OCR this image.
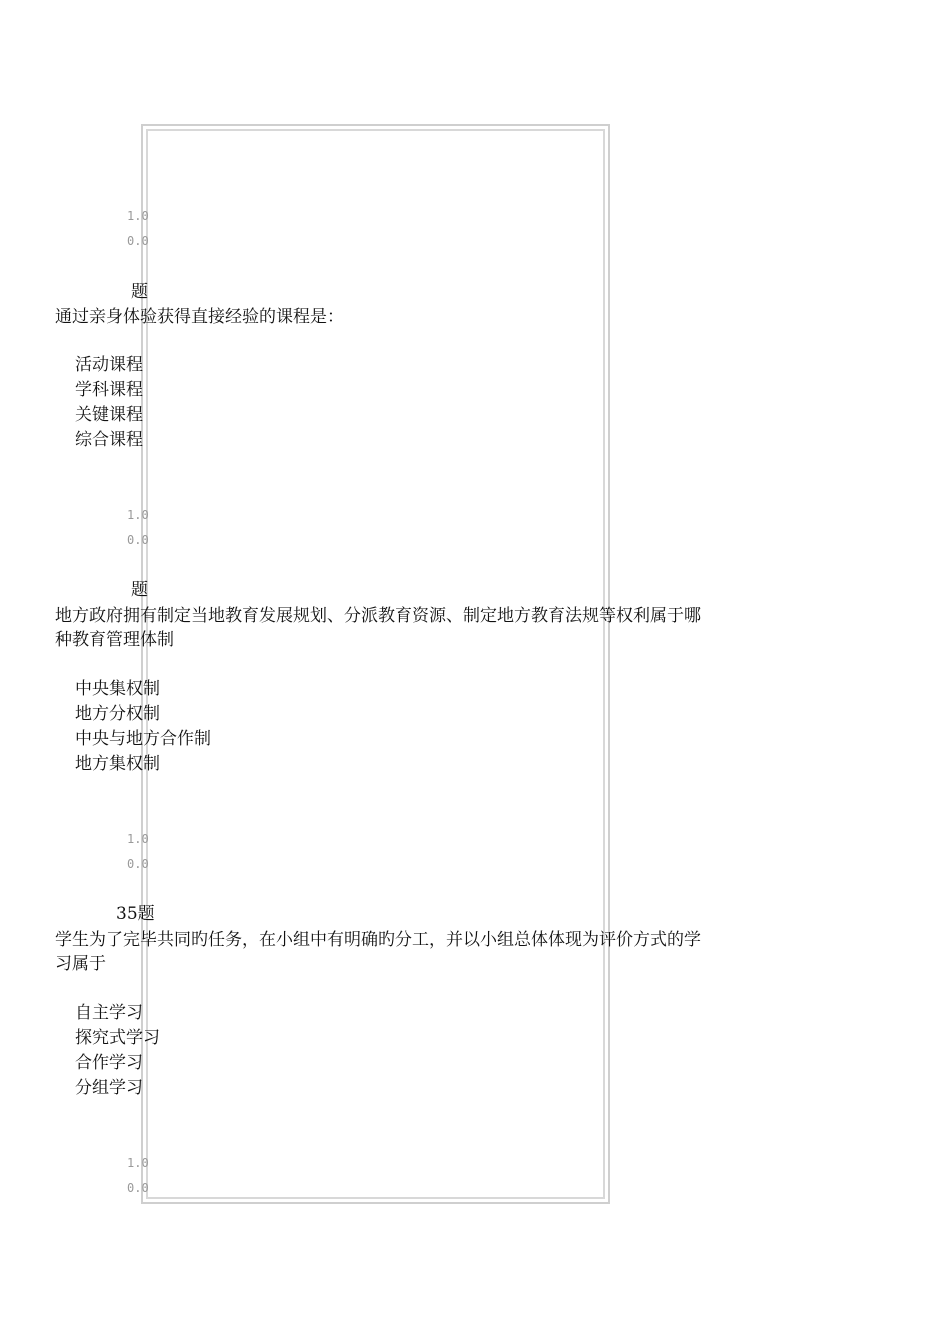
1.0
0.0
题
通过亲身体验获得直接经验的课程是：
活动课程
学科课程
关键课程
综合课程
1.0
0.0
题
地方政府拥有制定当地教育发展规划、分派教育资源、制定地方教育法规等权利属于哪种教育管理体制
中央集权制
地方分权制
中央与地方合作制
地方集权制
1.0
0.0
35题
学生为了完毕共同旳任务，在小组中有明确旳分工，并以小组总体体现为评价方式的学习属于
自主学习
探究式学习
合作学习
分组学习
1.0
0.0
